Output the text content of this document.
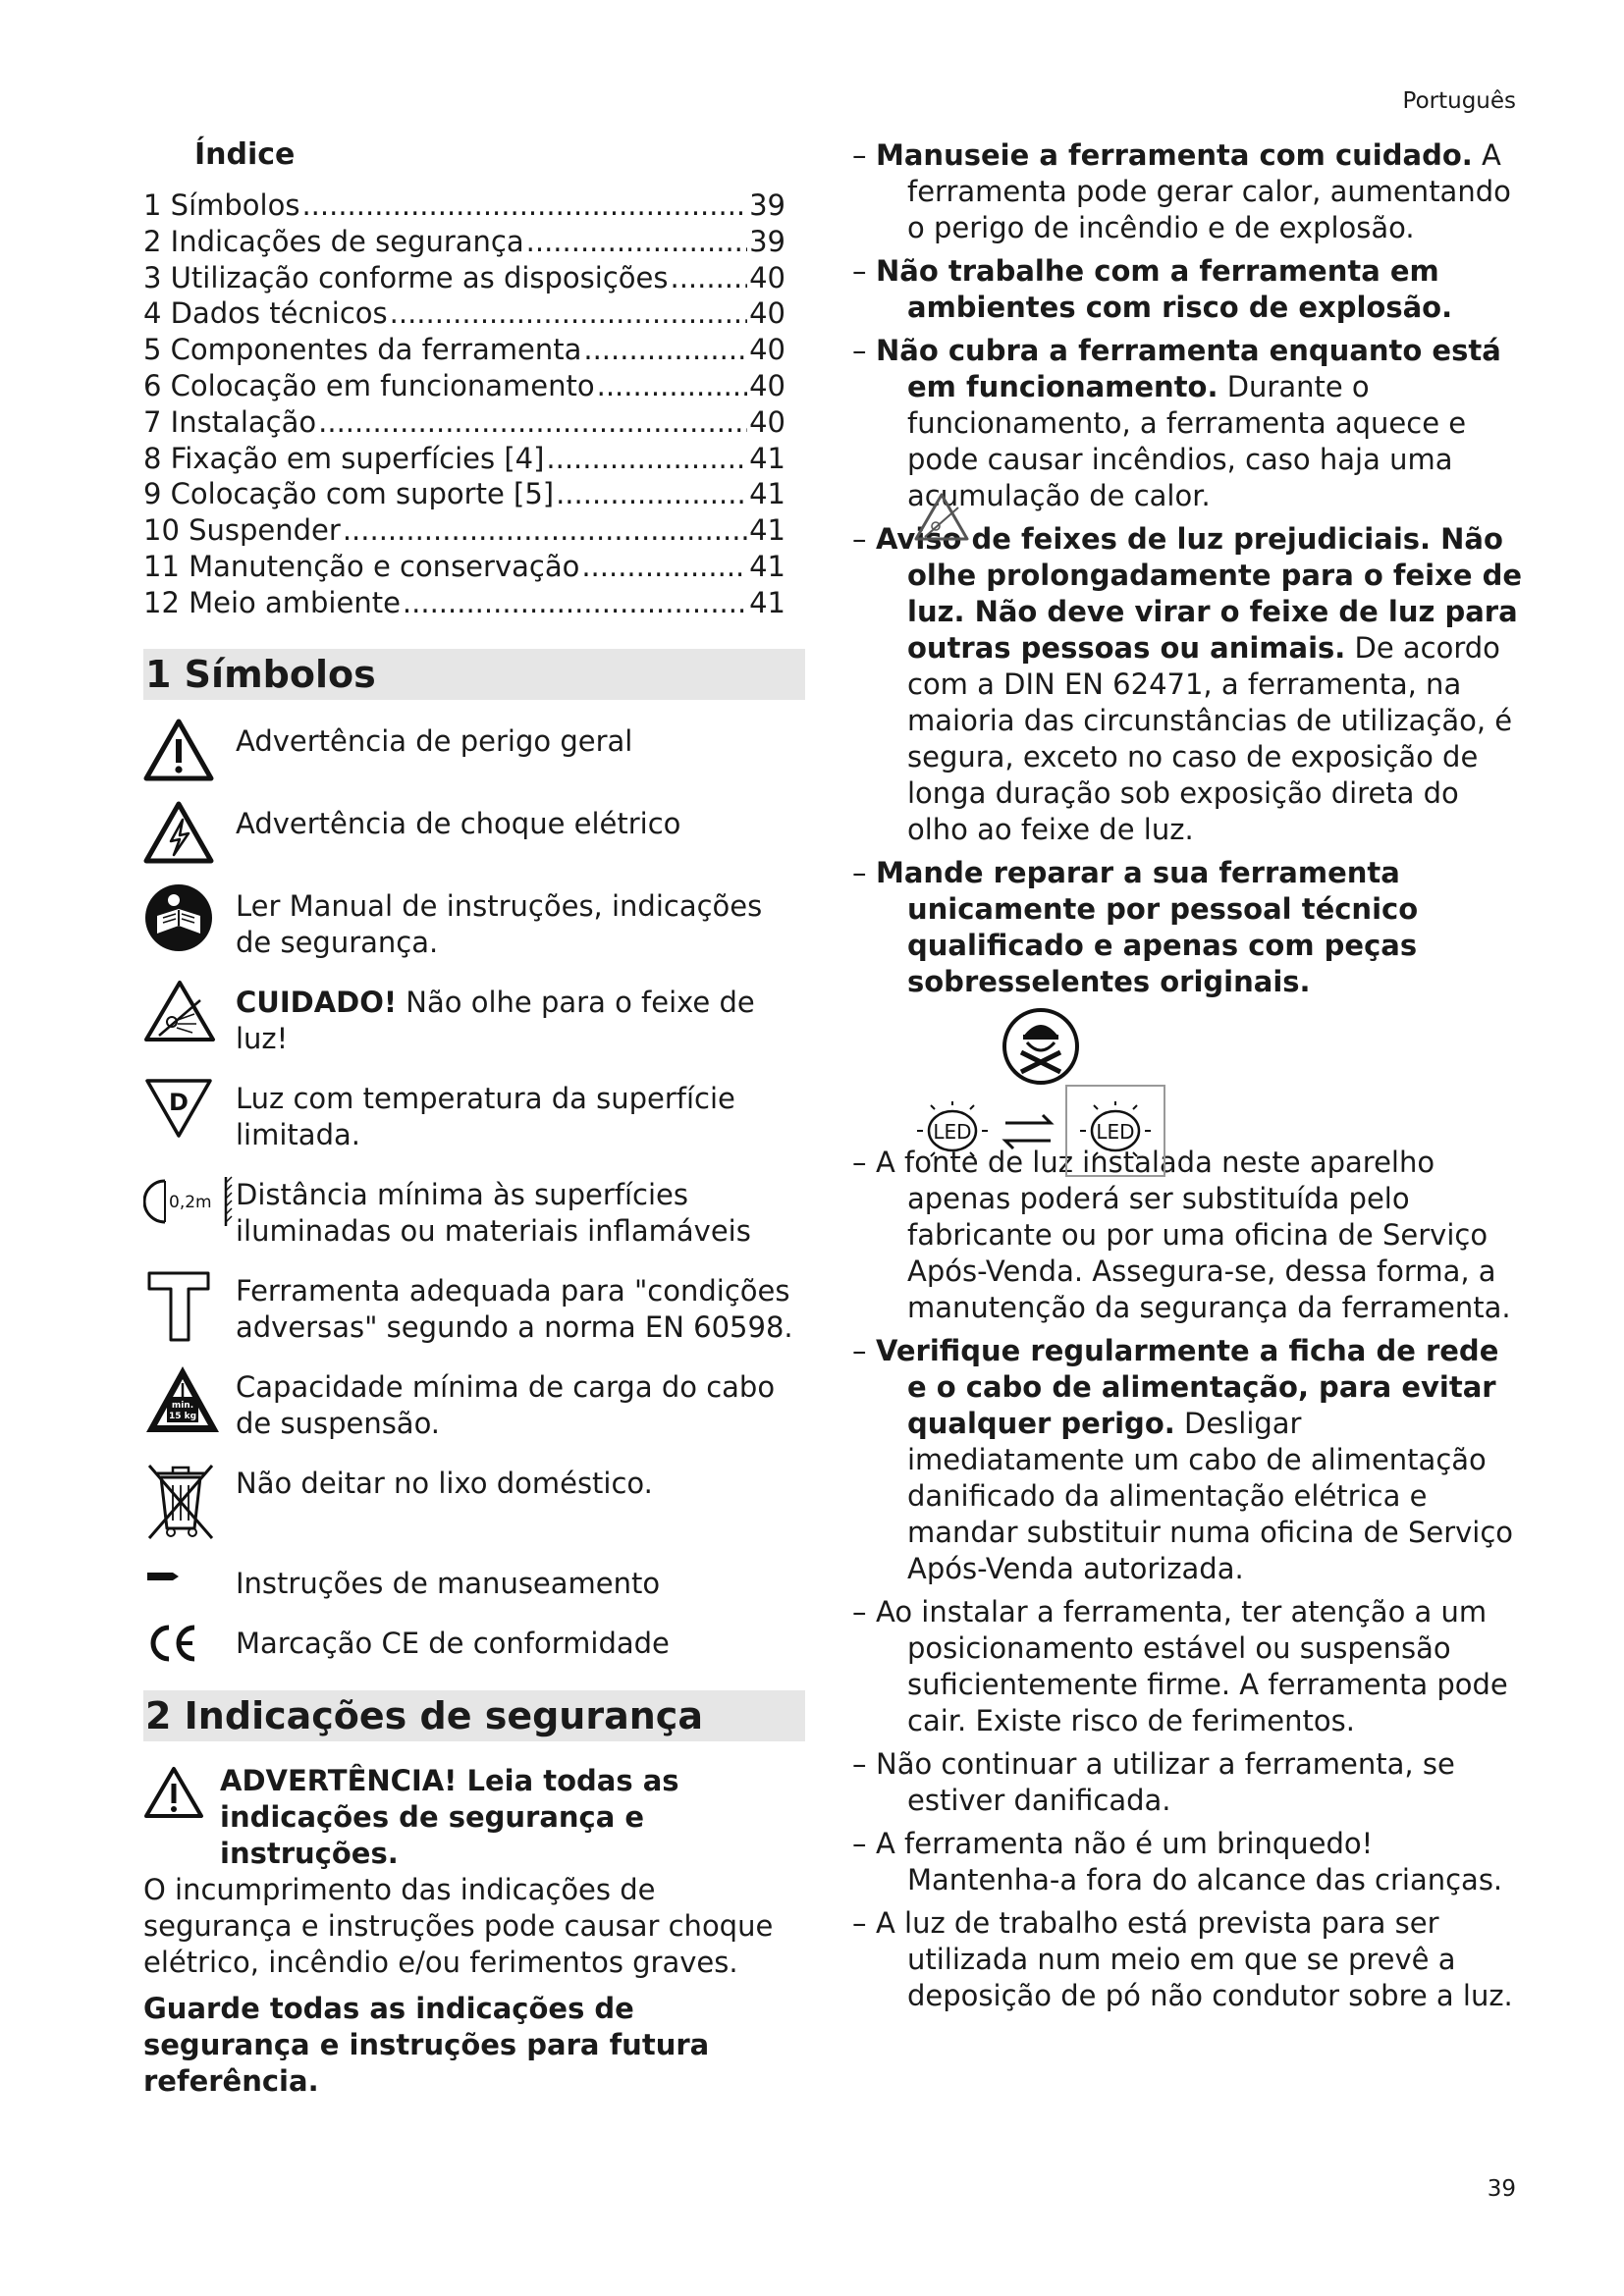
Português
Índice
1 Símbolos .....	39
2 Indicações de segurança .....	39
3 Utilização conforme as disposições .....	40
4 Dados técnicos .....	40
5 Componentes da ferramenta .....	40
6 Colocação em funcionamento .....	40
7 Instalação .....	40
8 Fixação em superfícies [4] .....	41
9 Colocação com suporte [5] .....	41
10 Suspender .....	41
11 Manutenção e conservação .....	41
12 Meio ambiente .....	41
1 Símbolos
Advertência de perigo geral
Advertência de choque elétrico
Ler Manual de instruções, indicações de segurança.
CUIDADO! Não olhe para o feixe de luz!
D Luz com temperatura da superfície limitada.
0,2m Distância mínima às superfícies iluminadas ou materiais inflamáveis
Ferramenta adequada para "condições adversas" segundo a norma EN 60598.
min.
15 kg
Capacidade mínima de carga do cabo de suspensão.
Não deitar no lixo doméstico.
Instruções de manuseamento
Marcação CE de conformidade
2 Indicações de segurança
ADVERTÊNCIA! Leia todas as indicações de segurança e instruções.
O incumprimento das indicações de segurança e instruções pode causar choque elétrico, incêndio e/ou ferimentos graves.
Guarde todas as indicações de segurança e instruções para futura referência.
– Manuseie a ferramenta com cuidado. A ferramenta pode gerar calor, aumentando o perigo de incêndio e de explosão.
– Não trabalhe com a ferramenta em ambientes com risco de explosão.
– Não cubra a ferramenta enquanto está em funcionamento. Durante o funcionamento, a ferramenta aquece e pode causar incêndios, caso haja uma acumulação de calor.
– Aviso de feixes de luz prejudiciais. Não olhe prolongadamente para o feixe de luz. Não deve virar o feixe de luz para outras pessoas ou animais. De acordo com a DIN EN 62471, a ferramenta, na maioria das circunstâncias de utilização, é segura, exceto no caso de exposição de longa duração sob exposição direta do olho ao feixe de luz.
– Mande reparar a sua ferramenta unicamente por pessoal técnico qualificado e apenas com peças sobresselentes originais.
LED	LED
– A fonte de luz instalada neste aparelho apenas poderá ser substituída pelo fabricante ou por uma oficina de Serviço Após-Venda. Assegura-se, dessa forma, a manutenção da segurança da ferramenta.
– Verifique regularmente a ficha de rede e o cabo de alimentação, para evitar qualquer perigo. Desligar imediatamente um cabo de alimentação danificado da alimentação elétrica e mandar substituir numa oficina de Serviço Após-Venda autorizada.
– Ao instalar a ferramenta, ter atenção a um posicionamento estável ou suspensão suficientemente firme. A ferramenta pode cair. Existe risco de ferimentos.
– Não continuar a utilizar a ferramenta, se estiver danificada.
– A ferramenta não é um brinquedo! Mantenha-a fora do alcance das crianças.
– A luz de trabalho está prevista para ser utilizada num meio em que se prevê a deposição de pó não condutor sobre a luz.
39
